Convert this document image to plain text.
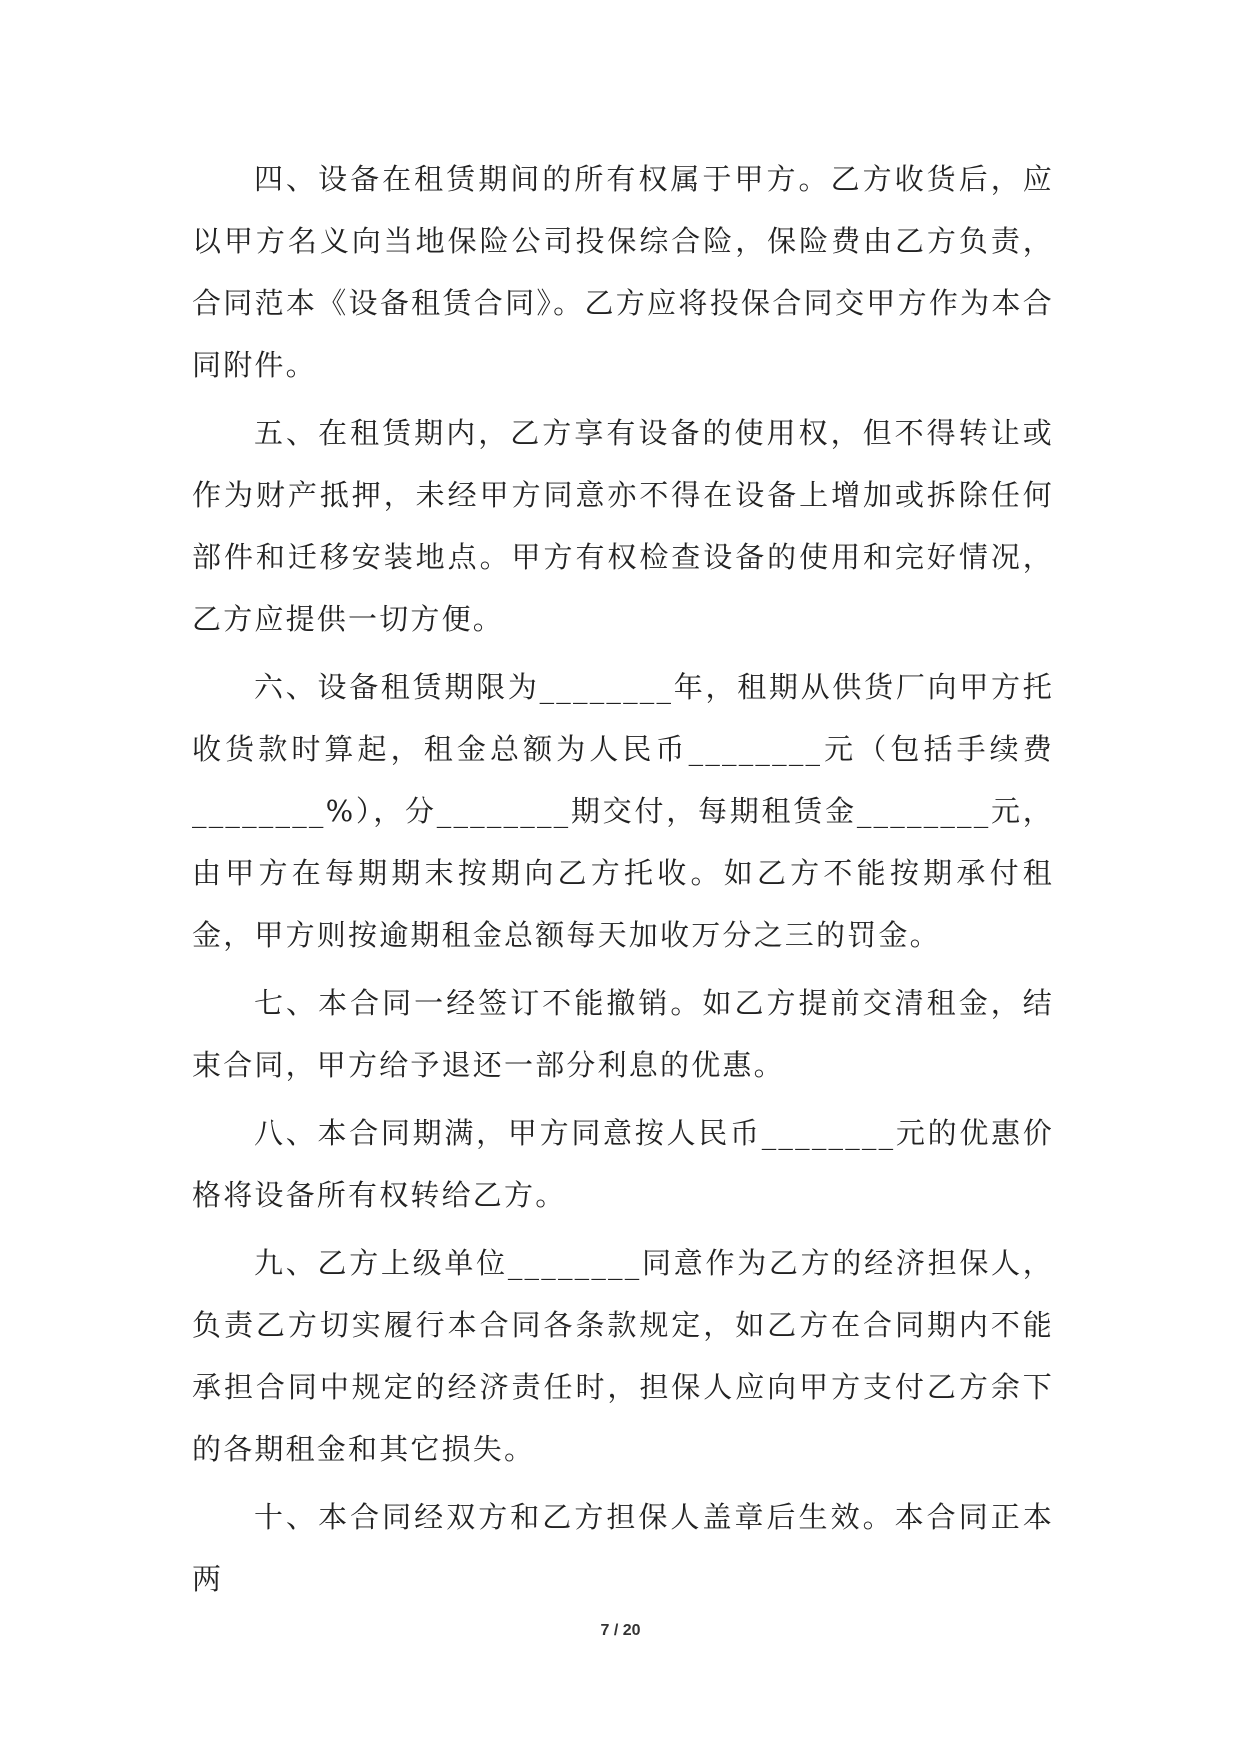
四、设备在租赁期间的所有权属于甲方。乙方收货后，应以甲方名义向当地保险公司投保综合险，保险费由乙方负责，合同范本《设备租赁合同》。乙方应将投保合同交甲方作为本合同附件。

五、在租赁期内，乙方享有设备的使用权，但不得转让或作为财产抵押，未经甲方同意亦不得在设备上增加或拆除任何部件和迁移安装地点。甲方有权检查设备的使用和完好情况，乙方应提供一切方便。

六、设备租赁期限为________年，租期从供货厂向甲方托收货款时算起，租金总额为人民币________元（包括手续费________%），分________期交付，每期租赁金________元，由甲方在每期期末按期向乙方托收。如乙方不能按期承付租金，甲方则按逾期租金总额每天加收万分之三的罚金。

七、本合同一经签订不能撤销。如乙方提前交清租金，结束合同，甲方给予退还一部分利息的优惠。

八、本合同期满，甲方同意按人民币________元的优惠价格将设备所有权转给乙方。

九、乙方上级单位________同意作为乙方的经济担保人，负责乙方切实履行本合同各条款规定，如乙方在合同期内不能承担合同中规定的经济责任时，担保人应向甲方支付乙方余下的各期租金和其它损失。

十、本合同经双方和乙方担保人盖章后生效。本合同正本两

7 / 20
